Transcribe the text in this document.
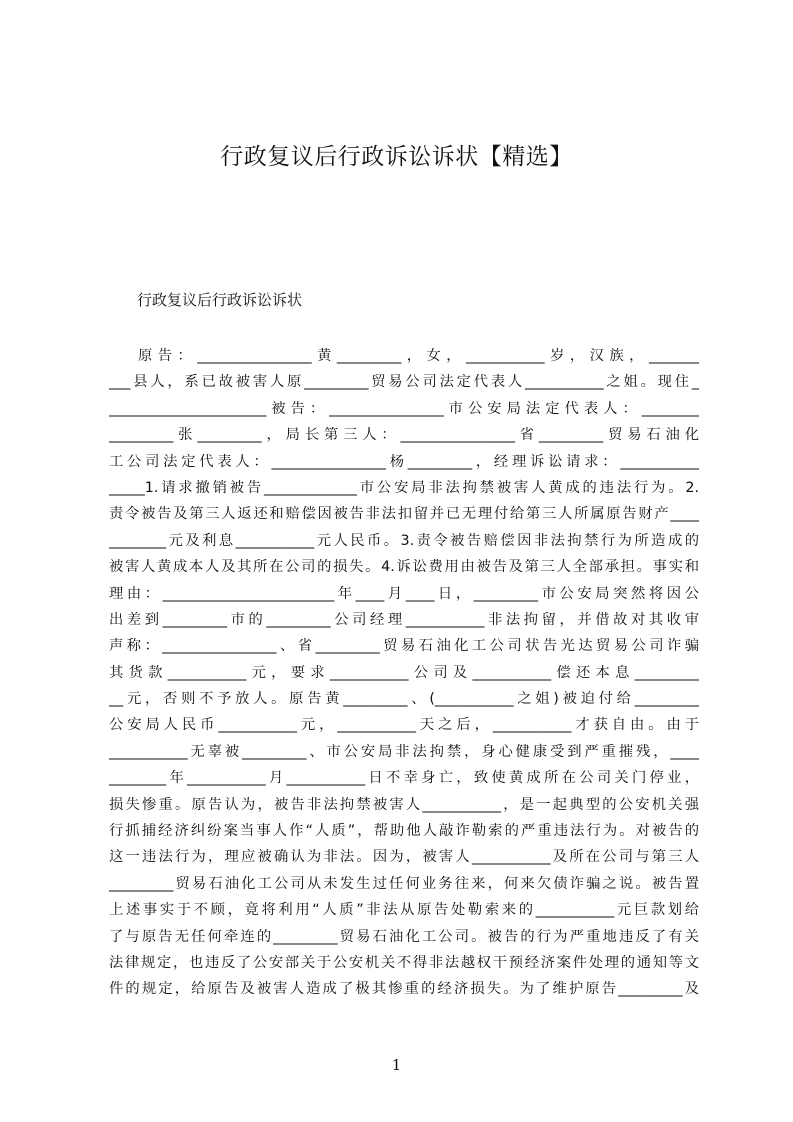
行政复议后行政诉讼诉状【精选】
行政复议后行政诉讼诉状
原告：________________黄_________，女，___________岁，汉族，_______
___县人，系已故被害人原_________贸易公司法定代表人___________之姐。现住_
______________________被告：________________市公安局法定代表人：________
_________张_________，局长第三人：________________省_________贸易石油化
工公司法定代表人：________________杨_________，经理诉讼请求：___________
_____1.请求撤销被告_____________市公安局非法拘禁被害人黄成的违法行为。2.
责令被告及第三人返还和赔偿因被告非法扣留并已无理付给第三人所属原告财产____
________元及利息___________元人民币。3.责令被告赔偿因非法拘禁行为所造成的
被害人黄成本人及其所在公司的损失。4.诉讼费用由被告及第三人全部承担。事实和
理由：________________________年____月____日，_________市公安局突然将因公
出差到_________市的_________公司经理___________非法拘留，并借故对其收审
声称：________________、省_________贸易石油化工公司状告光达贸易公司诈骗
其货款___________元，要求___________公司及___________偿还本息_________
__元，否则不予放人。原告黄_________、(___________之姐)被迫付给_________
公安局人民币___________元，___________天之后，___________才获自由。由于
___________无辜被_________、市公安局非法拘禁，身心健康受到严重摧残，____
________年___________月___________日不幸身亡，致使黄成所在公司关门停业，
损失惨重。原告认为，被告非法拘禁被害人___________，是一起典型的公安机关强
行抓捕经济纠纷案当事人作“人质”，帮助他人敲诈勒索的严重违法行为。对被告的
这一违法行为，理应被确认为非法。因为，被害人___________及所在公司与第三人
_________贸易石油化工公司从未发生过任何业务往来，何来欠债诈骗之说。被告置
上述事实于不顾，竟将利用“人质”非法从原告处勒索来的___________元巨款划给
了与原告无任何牵连的_________贸易石油化工公司。被告的行为严重地违反了有关
法律规定，也违反了公安部关于公安机关不得非法越权干预经济案件处理的通知等文
件的规定，给原告及被害人造成了极其惨重的经济损失。为了维护原告_________及
1
